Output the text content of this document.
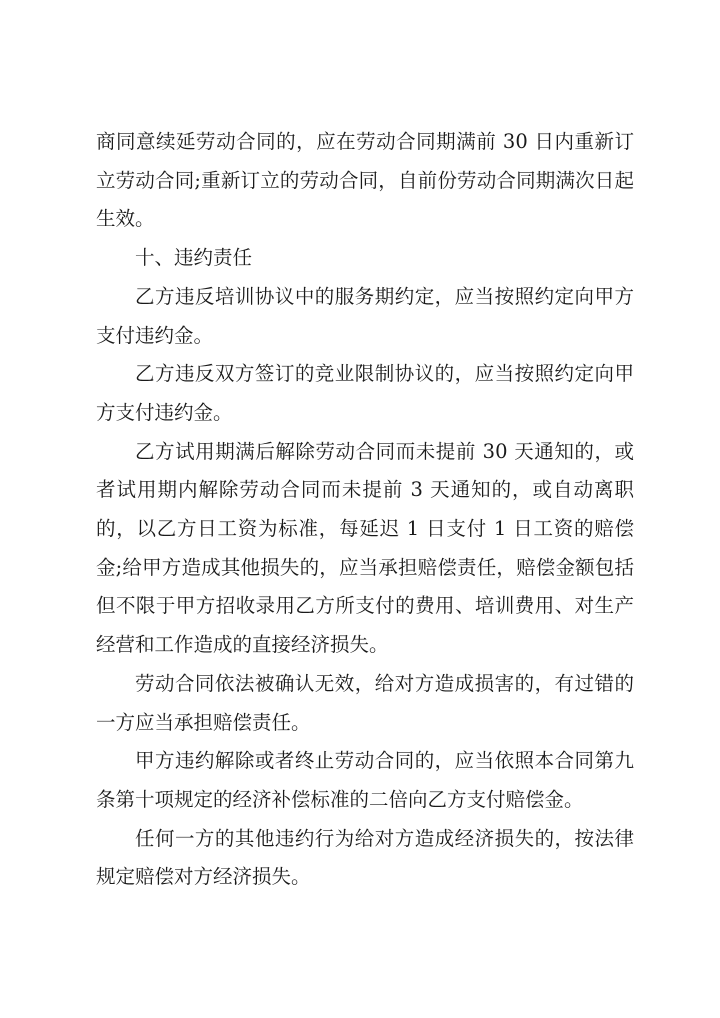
商同意续延劳动合同的，应在劳动合同期满前 30 日内重新订立劳动合同;重新订立的劳动合同，自前份劳动合同期满次日起生效。

十、违约责任

乙方违反培训协议中的服务期约定，应当按照约定向甲方支付违约金。

乙方违反双方签订的竞业限制协议的，应当按照约定向甲方支付违约金。

乙方试用期满后解除劳动合同而未提前 30 天通知的，或者试用期内解除劳动合同而未提前 3 天通知的，或自动离职的，以乙方日工资为标准，每延迟 1 日支付 1 日工资的赔偿金;给甲方造成其他损失的，应当承担赔偿责任，赔偿金额包括但不限于甲方招收录用乙方所支付的费用、培训费用、对生产经营和工作造成的直接经济损失。

劳动合同依法被确认无效，给对方造成损害的，有过错的一方应当承担赔偿责任。

甲方违约解除或者终止劳动合同的，应当依照本合同第九条第十项规定的经济补偿标准的二倍向乙方支付赔偿金。

任何一方的其他违约行为给对方造成经济损失的，按法律规定赔偿对方经济损失。
